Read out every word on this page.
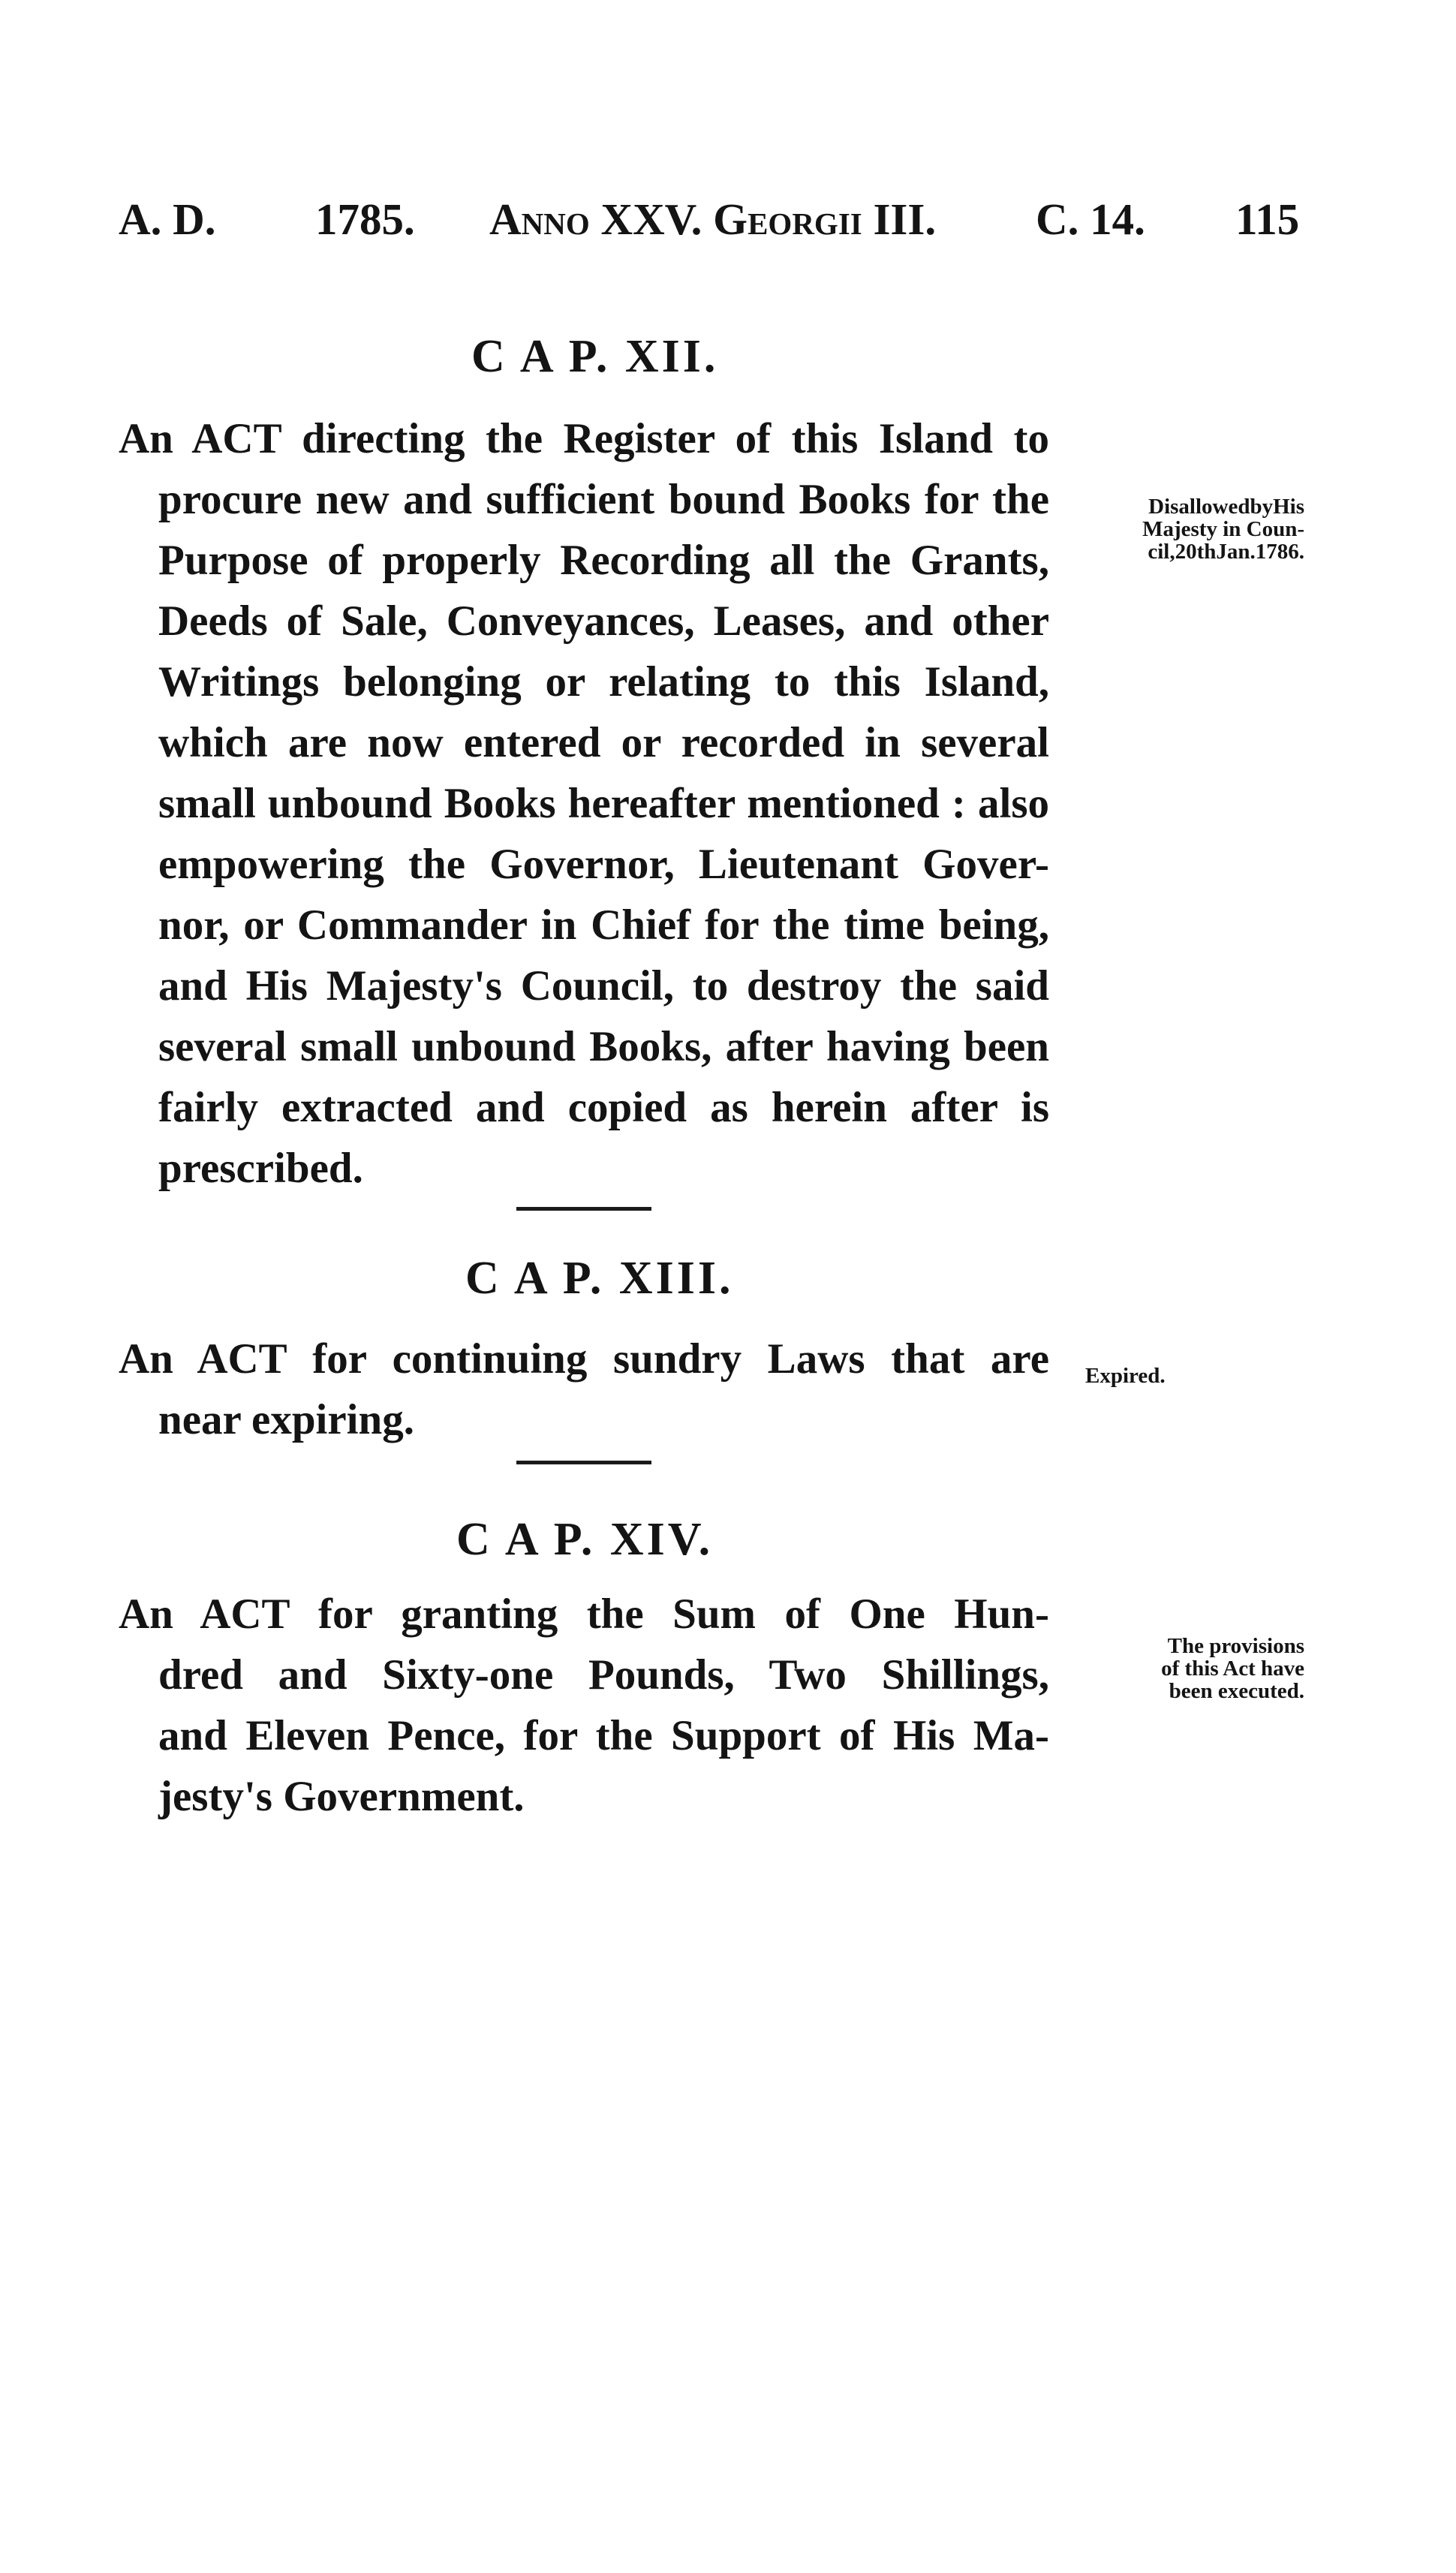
A. D. 1785. Anno XXV. Georgii III. C. 14. 115
C A P. XII.
An ACT directing the Register of this Island to
procure new and sufficient bound Books for the
Purpose of properly Recording all the Grants,
Deeds of Sale, Conveyances, Leases, and other
Writings belonging or relating to this Island,
which are now entered or recorded in several
small unbound Books hereafter mentioned : also
empowering the Governor, Lieutenant Gover-
nor, or Commander in Chief for the time being,
and His Majesty's Council, to destroy the said
several small unbound Books, after having been
fairly extracted and copied as herein after is
prescribed.
DisallowedbyHis
Majesty in Coun-
cil,20thJan.1786.
C A P. XIII.
An ACT for continuing sundry Laws that are
near expiring.
Expired.
C A P. XIV.
An ACT for granting the Sum of One Hun-
dred and Sixty-one Pounds, Two Shillings,
and Eleven Pence, for the Support of His Ma-
jesty's Government.
The provisions
of this Act have
been executed.
